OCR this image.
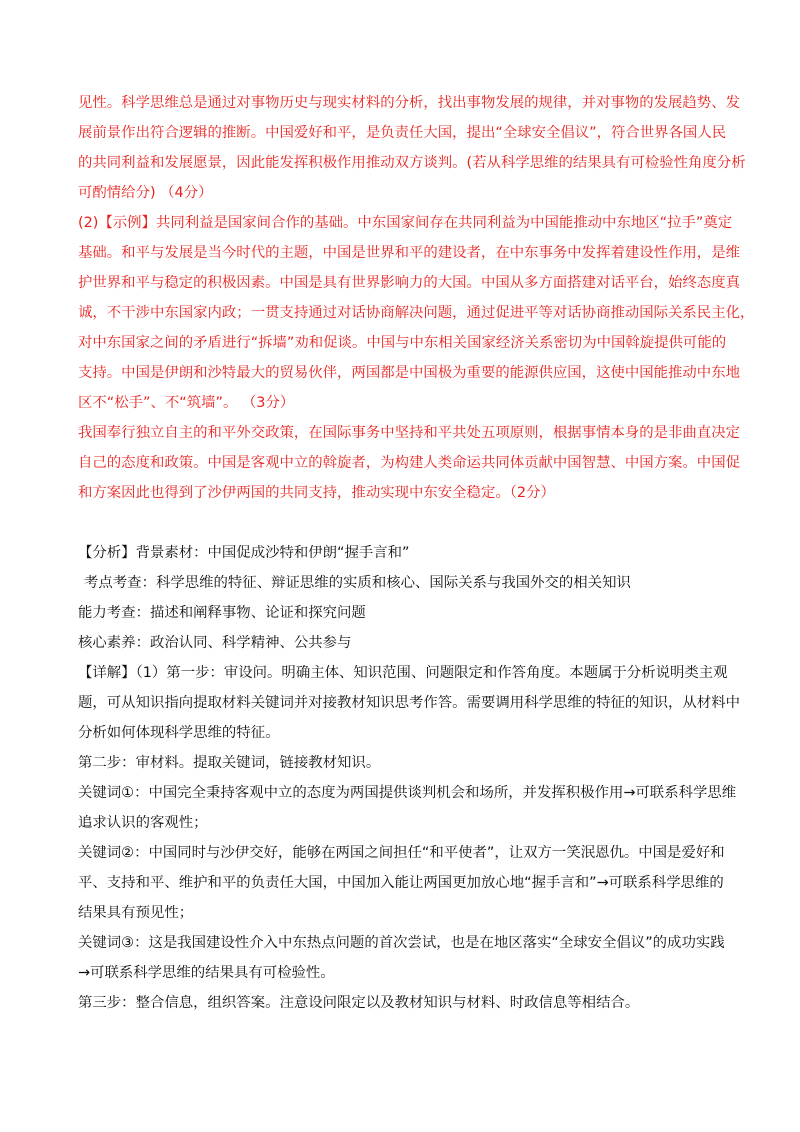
见性。科学思维总是通过对事物历史与现实材料的分析，找出事物发展的规律，并对事物的发展趋势、发

展前景作出符合逻辑的推断。中国爱好和平，是负责任大国，提出“全球安全倡议”，符合世界各国人民

的共同利益和发展愿景，因此能发挥积极作用推动双方谈判。(若从科学思维的结果具有可检验性角度分析

可酌情给分) （4分）

(2)【示例】共同利益是国家间合作的基础。中东国家间存在共同利益为中国能推动中东地区“拉手”奠定

基础。和平与发展是当今时代的主题，中国是世界和平的建设者，在中东事务中发挥着建设性作用，是维

护世界和平与稳定的积极因素。中国是具有世界影响力的大国。中国从多方面搭建对话平台，始终态度真

诚，不干涉中东国家内政；一贯支持通过对话协商解决问题，通过促进平等对话协商推动国际关系民主化，

对中东国家之间的矛盾进行“拆墙”劝和促谈。中国与中东相关国家经济关系密切为中国斡旋提供可能的

支持。中国是伊朗和沙特最大的贸易伙伴，两国都是中国极为重要的能源供应国，这使中国能推动中东地

区不“松手”、不“筑墙”。 （3分）

我国奉行独立自主的和平外交政策，在国际事务中坚持和平共处五项原则，根据事情本身的是非曲直决定

自己的态度和政策。中国是客观中立的斡旋者，为构建人类命运共同体贡献中国智慧、中国方案。中国促

和方案因此也得到了沙伊两国的共同支持，推动实现中东安全稳定。（2分）

【分析】背景素材：中国促成沙特和伊朗“握手言和”

考点考查：科学思维的特征、辩证思维的实质和核心、国际关系与我国外交的相关知识

能力考查：描述和阐释事物、论证和探究问题

核心素养：政治认同、科学精神、公共参与

【详解】（1）第一步：审设问。明确主体、知识范围、问题限定和作答角度。本题属于分析说明类主观

题，可从知识指向提取材料关键词并对接教材知识思考作答。需要调用科学思维的特征的知识，从材料中

分析如何体现科学思维的特征。

第二步：审材料。提取关键词，链接教材知识。

关键词①：中国完全秉持客观中立的态度为两国提供谈判机会和场所，并发挥积极作用→可联系科学思维

追求认识的客观性；

关键词②：中国同时与沙伊交好，能够在两国之间担任“和平使者”，让双方一笑泯恩仇。中国是爱好和

平、支持和平、维护和平的负责任大国，中国加入能让两国更加放心地“握手言和”→可联系科学思维的

结果具有预见性；

关键词③：这是我国建设性介入中东热点问题的首次尝试，也是在地区落实“全球安全倡议”的成功实践

→可联系科学思维的结果具有可检验性。

第三步：整合信息，组织答案。注意设问限定以及教材知识与材料、时政信息等相结合。
